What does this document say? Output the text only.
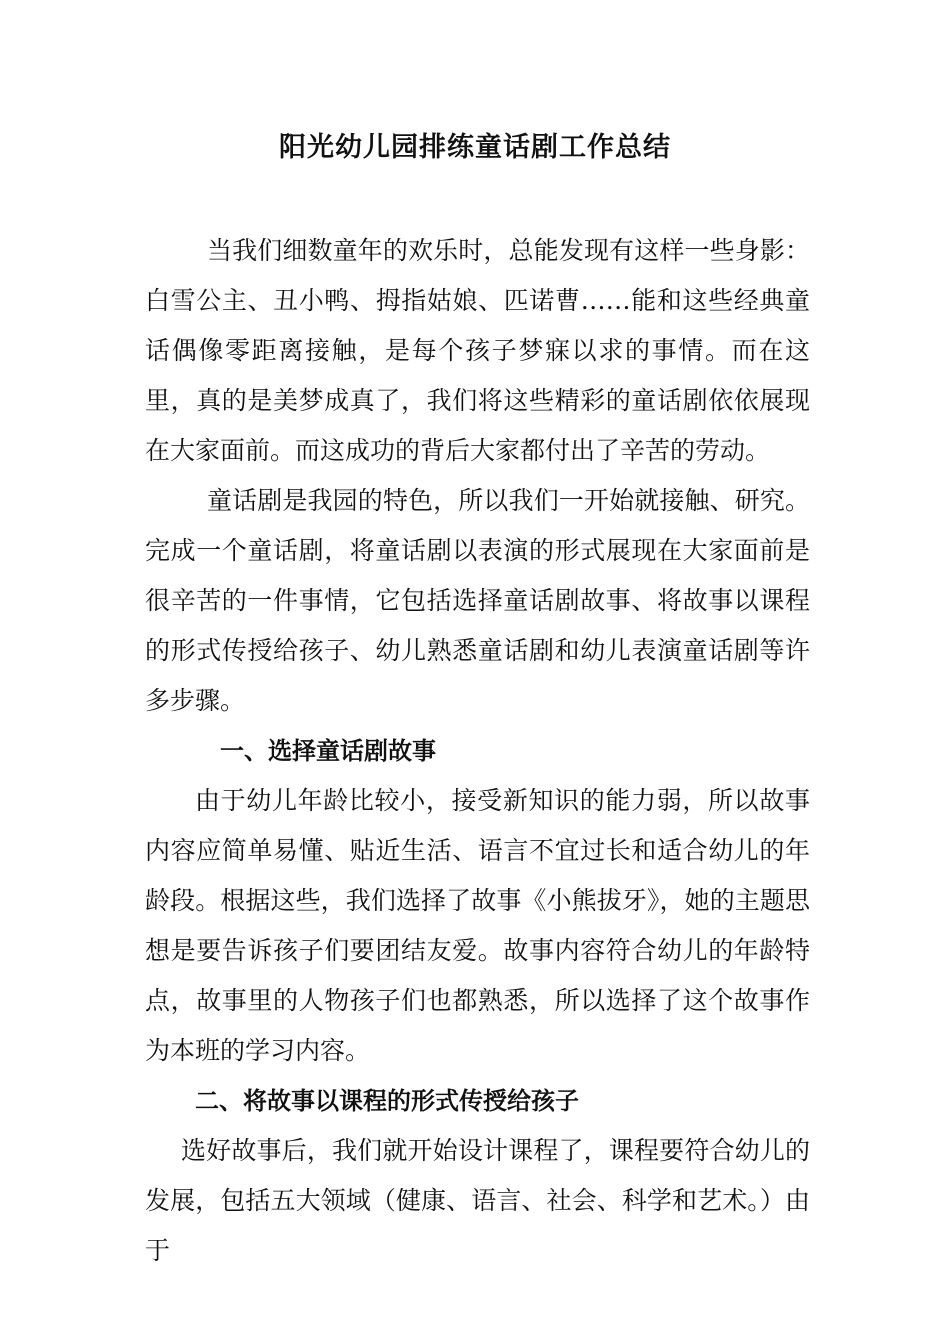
阳光幼儿园排练童话剧工作总结

当我们细数童年的欢乐时，总能发现有这样一些身影：白雪公主、丑小鸭、拇指姑娘、匹诺曹……能和这些经典童话偶像零距离接触，是每个孩子梦寐以求的事情。而在这里，真的是美梦成真了，我们将这些精彩的童话剧依依展现在大家面前。而这成功的背后大家都付出了辛苦的劳动。

童话剧是我园的特色，所以我们一开始就接触、研究。完成一个童话剧，将童话剧以表演的形式展现在大家面前是很辛苦的一件事情，它包括选择童话剧故事、将故事以课程的形式传授给孩子、幼儿熟悉童话剧和幼儿表演童话剧等许多步骤。

一、选择童话剧故事

由于幼儿年龄比较小，接受新知识的能力弱，所以故事内容应简单易懂、贴近生活、语言不宜过长和适合幼儿的年龄段。根据这些，我们选择了故事《小熊拔牙》，她的主题思想是要告诉孩子们要团结友爱。故事内容符合幼儿的年龄特点，故事里的人物孩子们也都熟悉，所以选择了这个故事作为本班的学习内容。

二、将故事以课程的形式传授给孩子

选好故事后，我们就开始设计课程了，课程要符合幼儿的发展，包括五大领域（健康、语言、社会、科学和艺术。）由于
